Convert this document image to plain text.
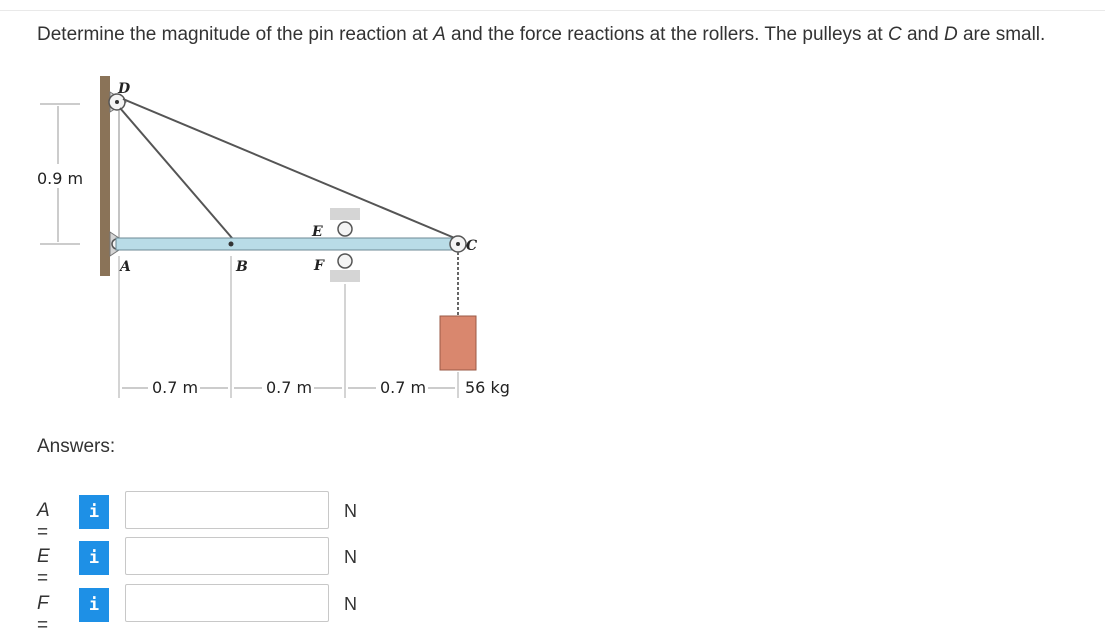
Determine the magnitude of the pin reaction at A and the force reactions at the rollers. The pulleys at C and D are small.
D
A	B
E
F
C
0.9 m
0.7 m	0.7 m	0.7 m 56 kg
Answers:
A =
i	N
E =
i	N
F =
i	N
